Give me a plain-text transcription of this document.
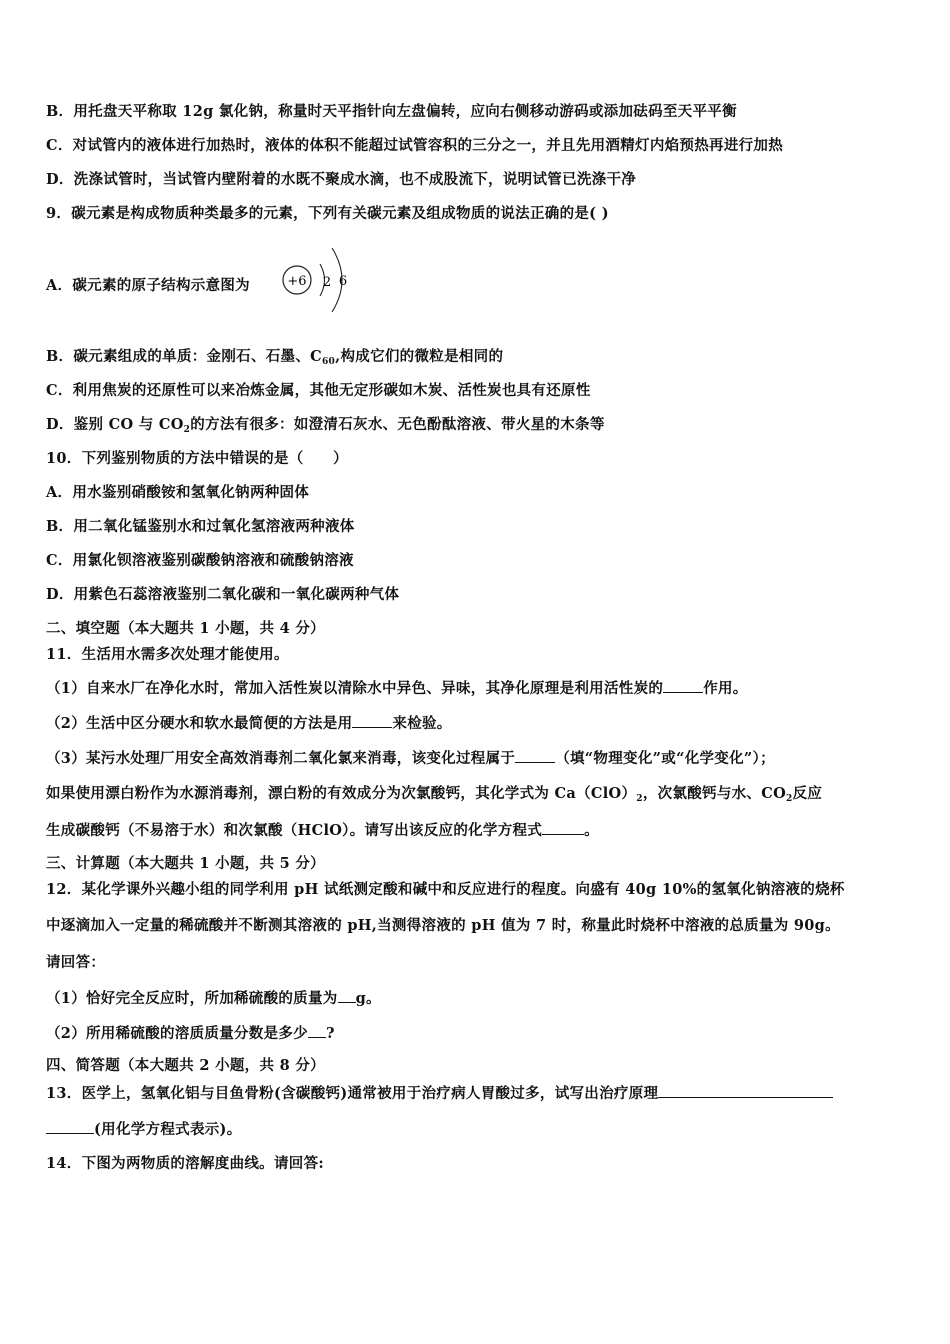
B．用托盘天平称取 12g 氯化钠，称量时天平指针向左盘偏转，应向右侧移动游码或添加砝码至天平平衡
C．对试管内的液体进行加热时，液体的体积不能超过试管容积的三分之一，并且先用酒精灯内焰预热再进行加热
D．洗涤试管时，当试管内壁附着的水既不聚成水滴，也不成股流下，说明试管已洗涤干净
9．碳元素是构成物质种类最多的元素，下列有关碳元素及组成物质的说法正确的是( )
A．碳元素的原子结构示意图为	+6 2 6
B．碳元素组成的单质：金刚石、石墨、$C_{60}$,构成它们的微粒是相同的
C．利用焦炭的还原性可以来冶炼金属，其他无定形碳如木炭、活性炭也具有还原性
D．鉴别 CO 与 $CO_2$的方法有很多：如澄清石灰水、无色酚酞溶液、带火星的木条等
10．下列鉴别物质的方法中错误的是（　　）
A．用水鉴别硝酸铵和氢氧化钠两种固体
B．用二氧化锰鉴别水和过氧化氢溶液两种液体
C．用氯化钡溶液鉴别碳酸钠溶液和硫酸钠溶液
D．用紫色石蕊溶液鉴别二氧化碳和一氧化碳两种气体
二、填空题（本大题共 1 小题，共 4 分）
11．生活用水需多次处理才能使用。
（1）自来水厂在净化水时，常加入活性炭以清除水中异色、异味，其净化原理是利用活性炭的	作用。
（2）生活中区分硬水和软水最简便的方法是用	来检验。
（3）某污水处理厂用安全高效消毒剂二氧化氯来消毒，该变化过程属于	（填“物理变化”或“化学变化”）；
如果使用漂白粉作为水源消毒剂，漂白粉的有效成分为次氯酸钙，其化学式为 $Ca(ClO)_2$，次氯酸钙与水、$CO_2$反应
生成碳酸钙（不易溶于水）和次氯酸（HClO）。请写出该反应的化学方程式	。
三、计算题（本大题共 1 小题，共 5 分）
12．某化学课外兴趣小组的同学利用 pH 试纸测定酸和碱中和反应进行的程度。向盛有 40g 10%的氢氧化钠溶液的烧杯
中逐滴加入一定量的稀硫酸并不断测其溶液的 pH,当测得溶液的 pH 值为 7 时，称量此时烧杯中溶液的总质量为 90g。
请回答：
（1）恰好完全反应时，所加稀硫酸的质量为 g。
（2）所用稀硫酸的溶质质量分数是多少 ?
四、简答题（本大题共 2 小题，共 8 分）
13．医学上，氢氧化铝与目鱼骨粉(含碳酸钙)通常被用于治疗病人胃酸过多，试写出治疗原理
(用化学方程式表示)。
14．下图为两物质的溶解度曲线。请回答:
